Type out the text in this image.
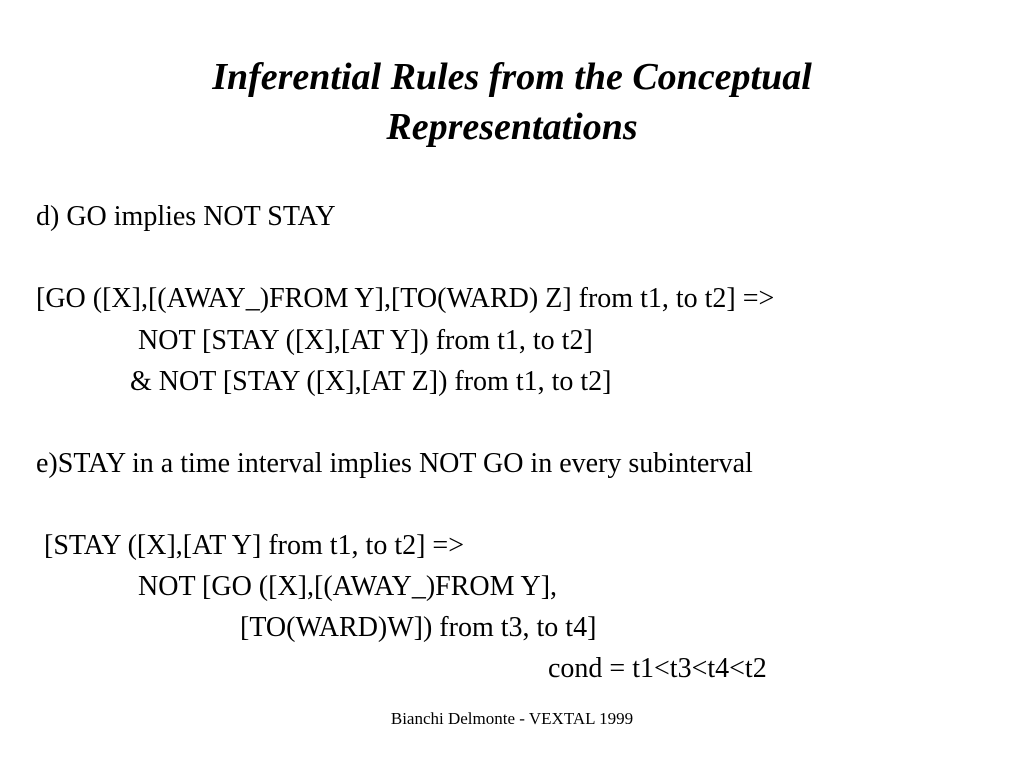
Inferential Rules from the Conceptual
Representations
d) GO implies NOT STAY
[GO ([X],[(AWAY_)FROM Y],[TO(WARD) Z] from t1, to t2] =>
NOT [STAY ([X],[AT Y]) from t1, to t2]
& NOT [STAY ([X],[AT Z]) from t1, to t2]
e)STAY in a time interval implies NOT GO in every subinterval
[STAY ([X],[AT Y] from t1, to t2] =>
NOT [GO ([X],[(AWAY_)FROM Y],
[TO(WARD)W]) from t3, to t4]
cond = t1<t3<t4<t2
Bianchi Delmonte - VEXTAL 1999
